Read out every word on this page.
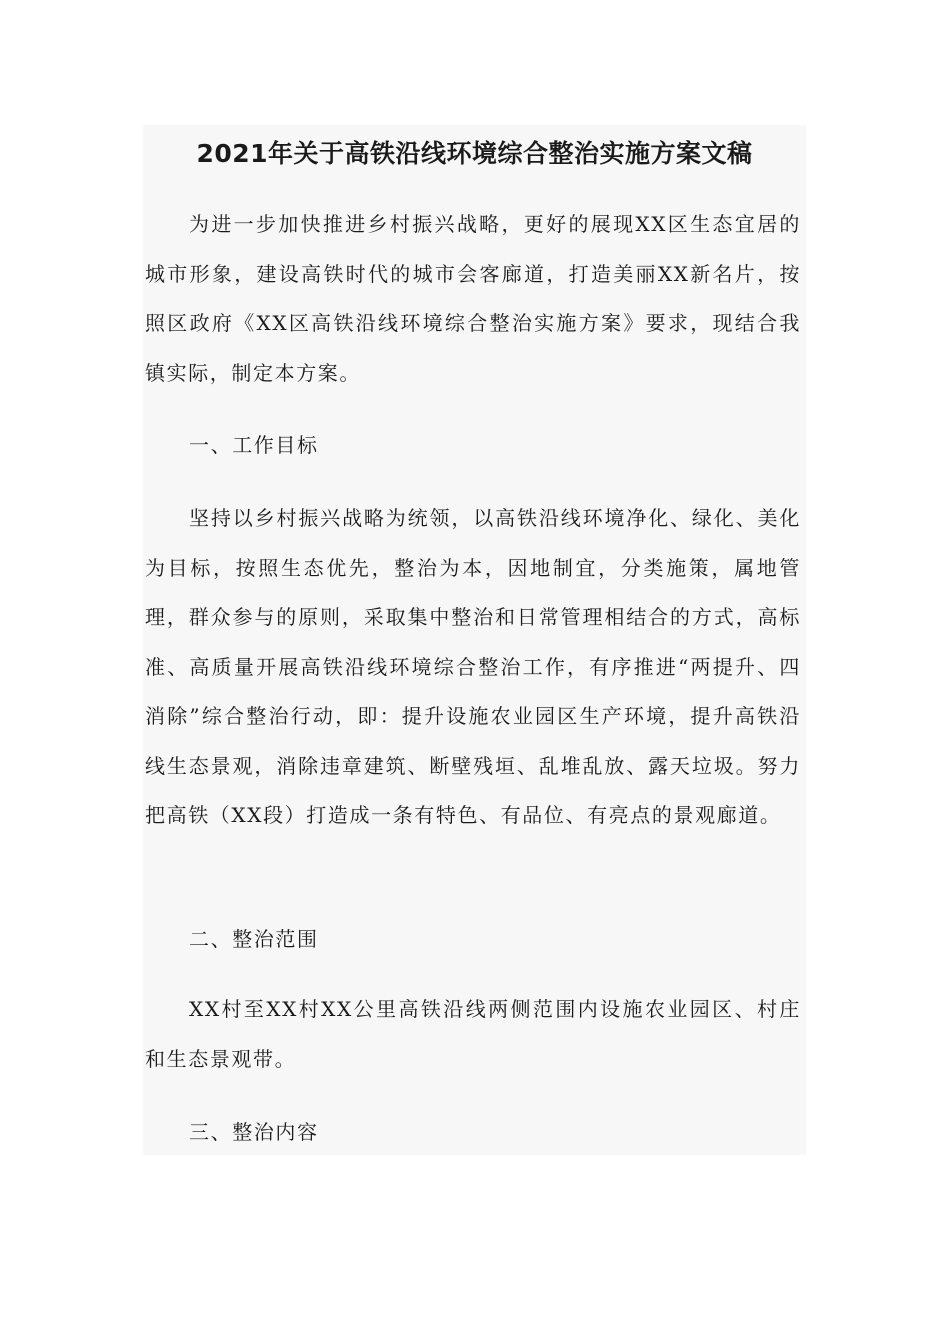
2021年关于高铁沿线环境综合整治实施方案文稿

为进一步加快推进乡村振兴战略，更好的展现XX区生态宜居的城市形象，建设高铁时代的城市会客廊道，打造美丽XX新名片，按照区政府《XX区高铁沿线环境综合整治实施方案》要求，现结合我镇实际，制定本方案。

一、工作目标

坚持以乡村振兴战略为统领，以高铁沿线环境净化、绿化、美化为目标，按照生态优先，整治为本，因地制宜，分类施策，属地管理，群众参与的原则，采取集中整治和日常管理相结合的方式，高标准、高质量开展高铁沿线环境综合整治工作，有序推进“两提升、四消除”综合整治行动，即：提升设施农业园区生产环境，提升高铁沿线生态景观，消除违章建筑、断壁残垣、乱堆乱放、露天垃圾。努力把高铁（XX段）打造成一条有特色、有品位、有亮点的景观廊道。

二、整治范围

XX村至XX村XX公里高铁沿线两侧范围内设施农业园区、村庄和生态景观带。

三、整治内容
